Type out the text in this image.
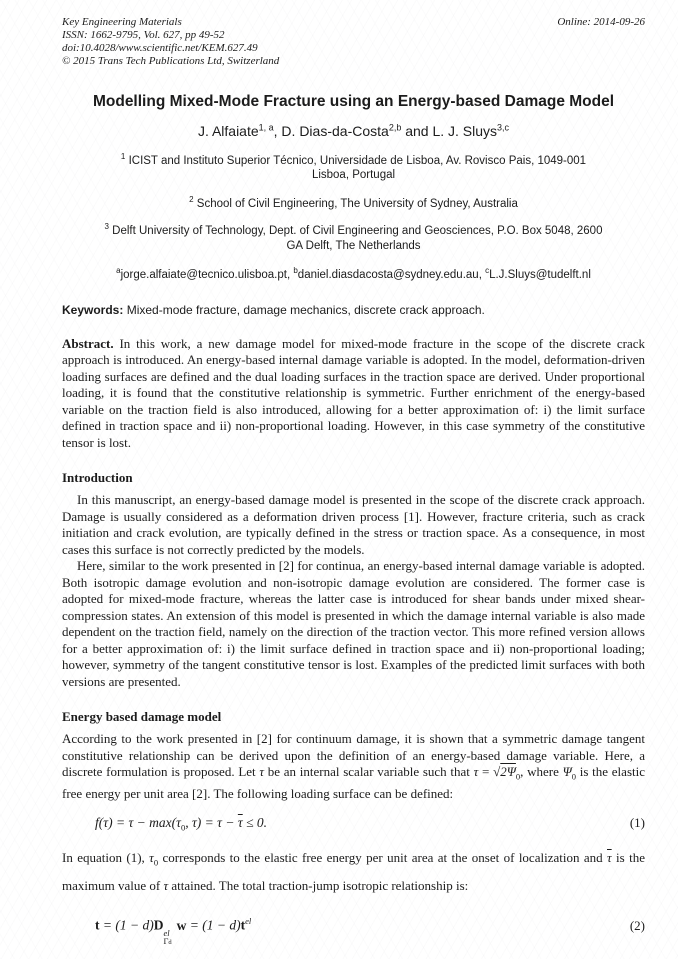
Key Engineering Materials
ISSN: 1662-9795, Vol. 627, pp 49-52
doi:10.4028/www.scientific.net/KEM.627.49
© 2015 Trans Tech Publications Ltd, Switzerland
Online: 2014-09-26
Modelling Mixed-Mode Fracture using an Energy-based Damage Model
J. Alfaiate$^{1, a}$, D. Dias-da-Costa$^{2,b}$ and L. J. Sluys$^{3,c}$
$^1$ ICIST and Instituto Superior Técnico, Universidade de Lisboa, Av. Rovisco Pais, 1049-001 Lisboa, Portugal
$^2$ School of Civil Engineering, The University of Sydney, Australia
$^3$ Delft University of Technology, Dept. of Civil Engineering and Geosciences, P.O. Box 5048, 2600 GA Delft, The Netherlands
$^a$jorge.alfaiate@tecnico.ulisboa.pt, $^b$daniel.diasdacosta@sydney.edu.au, $^c$L.J.Sluys@tudelft.nl
Keywords: Mixed-mode fracture, damage mechanics, discrete crack approach.

Abstract. In this work, a new damage model for mixed-mode fracture in the scope of the discrete crack approach is introduced. An energy-based internal damage variable is adopted. In the model, deformation-driven loading surfaces are defined and the dual loading surfaces in the traction space are derived. Under proportional loading, it is found that the constitutive relationship is symmetric. Further enrichment of the energy-based variable on the traction field is also introduced, allowing for a better approximation of: i) the limit surface defined in traction space and ii) non-proportional loading. However, in this case symmetry of the constitutive tensor is lost.

Introduction

In this manuscript, an energy-based damage model is presented in the scope of the discrete crack approach. Damage is usually considered as a deformation driven process [1]. However, fracture criteria, such as crack initiation and crack evolution, are typically defined in the stress or traction space. As a consequence, in most cases this surface is not correctly predicted by the models.

Here, similar to the work presented in [2] for continua, an energy-based internal damage variable is adopted. Both isotropic damage evolution and non-isotropic damage evolution are considered. The former case is adopted for mixed-mode fracture, whereas the latter case is introduced for shear bands under mixed shear-compression states. An extension of this model is presented in which the damage internal variable is also made dependent on the traction field, namely on the direction of the traction vector. This more refined version allows for a better approximation of: i) the limit surface defined in traction space and ii) non-proportional loading; however, symmetry of the tangent constitutive tensor is lost. Examples of the predicted limit surfaces with both versions are presented.

Energy based damage model

According to the work presented in [2] for continuum damage, it is shown that a symmetric damage tangent constitutive relationship can be derived upon the definition of an energy-based damage variable. Here, a discrete formulation is proposed. Let τ be an internal scalar variable such that $\tau = √2\Psi_0$, where $\Psi_0$ is the elastic free energy per unit area [2]. The following loading surface can be defined:

$f(\tau) = \tau - \max(\tau_0$, $\tau) = \tau - \overline{\tau} \le 0$.	(1)

In equation (1), $\tau_0$ corresponds to the elastic free energy per unit area at the onset of localization and $\overline{\tau}$ is the maximum value of τ attained. The total traction-jump isotropic relationship is:

t = (1 − d)D el
Γd
$w = (1 - d)t^{el}$	(2)
